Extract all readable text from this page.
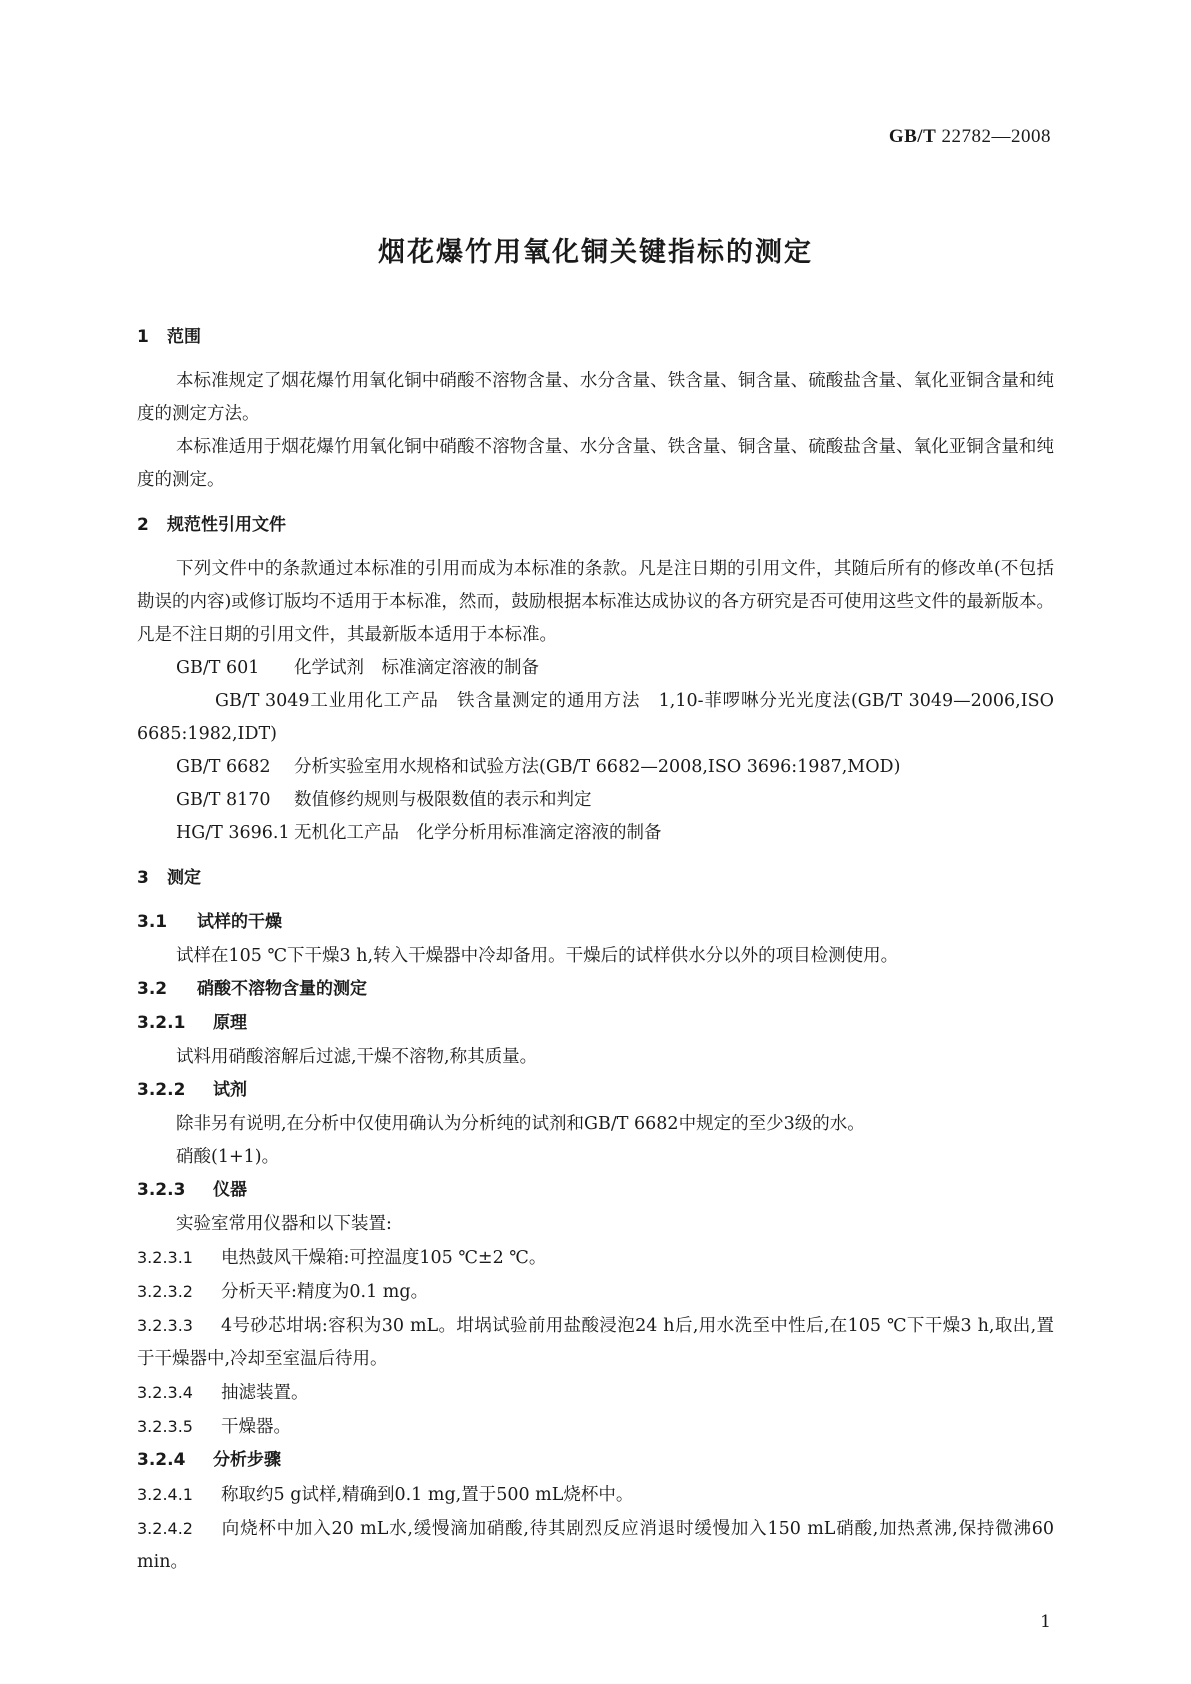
GB/T 22782—2008
烟花爆竹用氧化铜关键指标的测定
1 范围

本标准规定了烟花爆竹用氧化铜中硝酸不溶物含量、水分含量、铁含量、铜含量、硫酸盐含量、氧化亚铜含量和纯度的测定方法。

本标准适用于烟花爆竹用氧化铜中硝酸不溶物含量、水分含量、铁含量、铜含量、硫酸盐含量、氧化亚铜含量和纯度的测定。

2 规范性引用文件

下列文件中的条款通过本标准的引用而成为本标准的条款。凡是注日期的引用文件，其随后所有的修改单(不包括勘误的内容)或修订版均不适用于本标准，然而，鼓励根据本标准达成协议的各方研究是否可使用这些文件的最新版本。凡是不注日期的引用文件，其最新版本适用于本标准。

GB/T 601 化学试剂　标准滴定溶液的制备

GB/T 3049工业用化工产品　铁含量测定的通用方法　1,10-菲啰啉分光光度法(GB/T 3049—2006,ISO 6685:1982,IDT)

GB/T 6682 分析实验室用水规格和试验方法(GB/T 6682—2008,ISO 3696:1987,MOD)

GB/T 8170 数值修约规则与极限数值的表示和判定

HG/T 3696.1 无机化工产品　化学分析用标准滴定溶液的制备

3 测定
3.1 试样的干燥

试样在105 ℃下干燥3 h,转入干燥器中冷却备用。干燥后的试样供水分以外的项目检测使用。

3.2 硝酸不溶物含量的测定
3.2.1 原理

试料用硝酸溶解后过滤,干燥不溶物,称其质量。

3.2.2 试剂

除非另有说明,在分析中仅使用确认为分析纯的试剂和GB/T 6682中规定的至少3级的水。

硝酸(1+1)。

3.2.3 仪器

实验室常用仪器和以下装置:

3.2.3.1 电热鼓风干燥箱:可控温度105 ℃±2 ℃。

3.2.3.2 分析天平:精度为0.1 mg。

3.2.3.3 4号砂芯坩埚:容积为30 mL。坩埚试验前用盐酸浸泡24 h后,用水洗至中性后,在105 ℃下干燥3 h,取出,置于干燥器中,冷却至室温后待用。

3.2.3.4 抽滤装置。

3.2.3.5 干燥器。

3.2.4 分析步骤

3.2.4.1 称取约5 g试样,精确到0.1 mg,置于500 mL烧杯中。

3.2.4.2 向烧杯中加入20 mL水,缓慢滴加硝酸,待其剧烈反应消退时缓慢加入150 mL硝酸,加热煮沸,保持微沸60 min。

1
